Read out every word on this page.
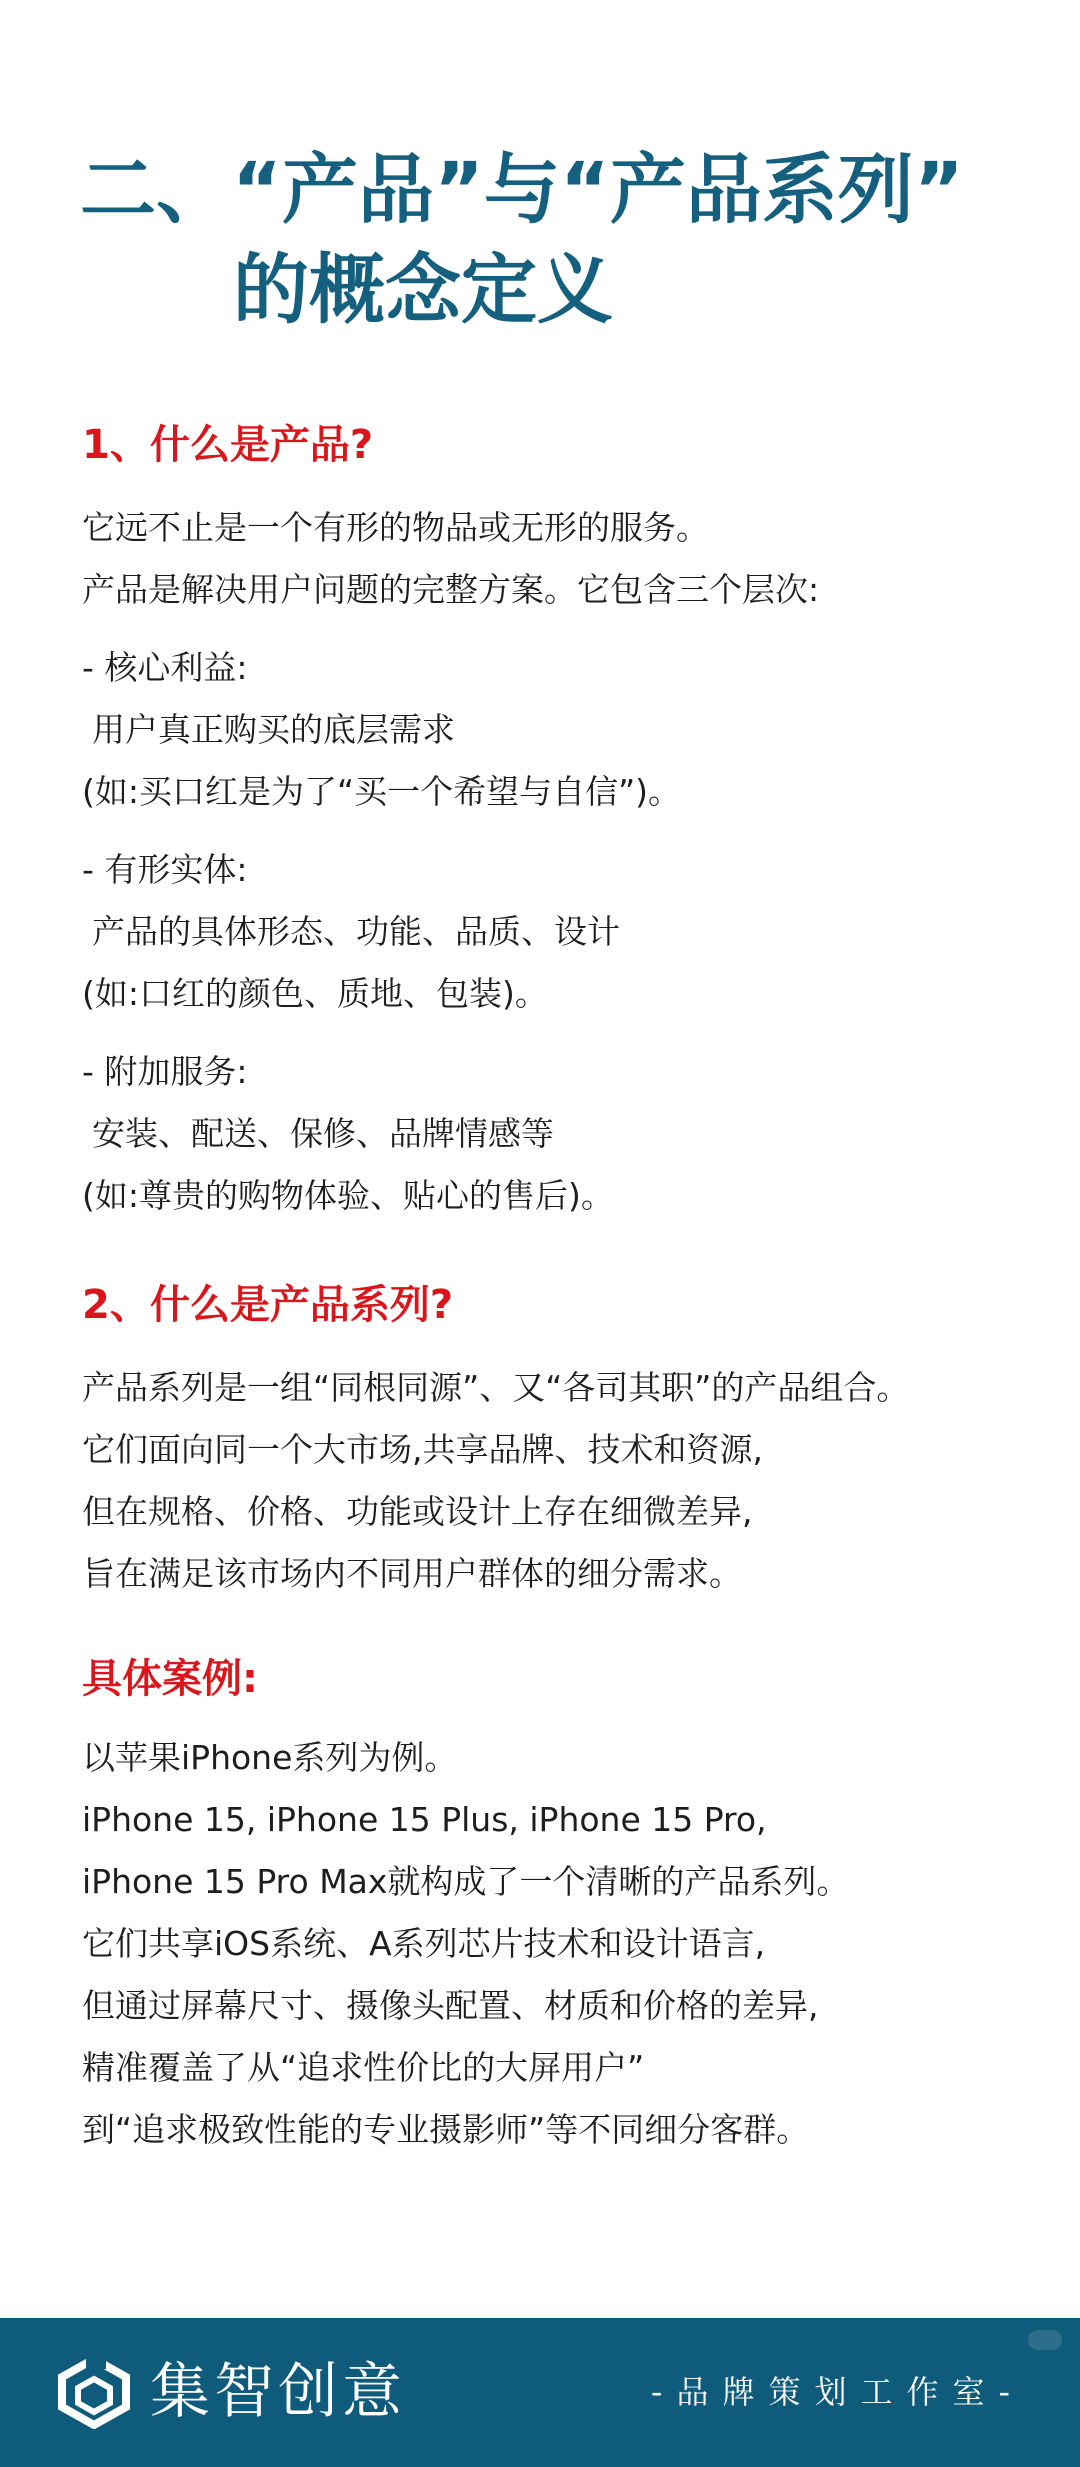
二、“产品”与“产品系列”
的概念定义
1、什么是产品?
它远不止是一个有形的物品或无形的服务。
产品是解决用户问题的完整方案。它包含三个层次:
- 核心利益:
用户真正购买的底层需求
(如:买口红是为了“买一个希望与自信”)。
- 有形实体:
产品的具体形态、功能、品质、设计
(如:口红的颜色、质地、包装)。
- 附加服务:
安装、配送、保修、品牌情感等
(如:尊贵的购物体验、贴心的售后)。
2、什么是产品系列?
产品系列是一组“同根同源”、又“各司其职”的产品组合。
它们面向同一个大市场,共享品牌、技术和资源,
但在规格、价格、功能或设计上存在细微差异,
旨在满足该市场内不同用户群体的细分需求。
具体案例:
以苹果iPhone系列为例。
iPhone 15, iPhone 15 Plus, iPhone 15 Pro,
iPhone 15 Pro Max就构成了一个清晰的产品系列。
它们共享iOS系统、A系列芯片技术和设计语言,
但通过屏幕尺寸、摄像头配置、材质和价格的差异,
精准覆盖了从“追求性价比的大屏用户”
到“追求极致性能的专业摄影师”等不同细分客群。

集智创意	-品牌策划工作室-
